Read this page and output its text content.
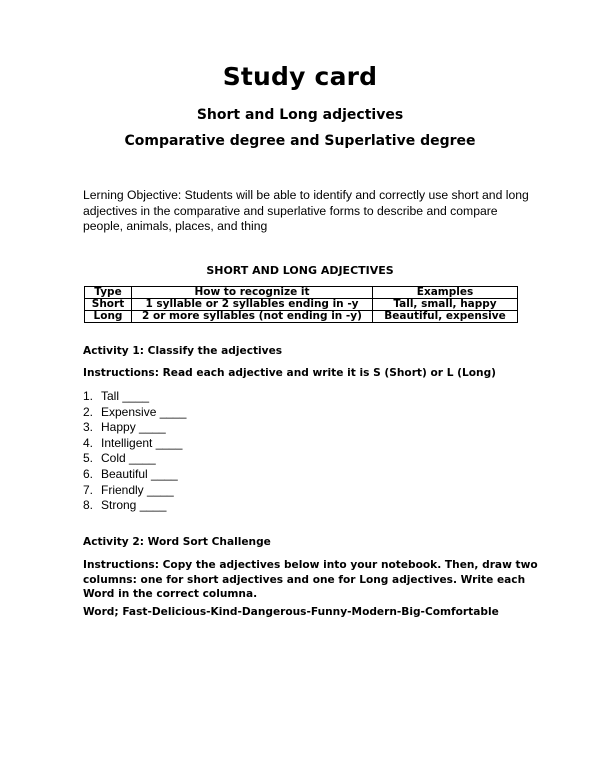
Study card
Short and Long adjectives
Comparative degree and Superlative degree
Lerning Objective: Students will be able to identify and correctly use short and long
adjectives in the comparative and superlative forms to describe and compare
people, animals, places, and thing
SHORT AND LONG ADJECTIVES
Type	How to recognize it	Examples
Short	1 syllable or 2 syllables ending in -y	Tall, small, happy
Long	2 or more syllables (not ending in -y)	Beautiful, expensive
Activity 1: Classify the adjectives
Instructions: Read each adjective and write it is S (Short) or L (Long)
1. Tall ____
2. Expensive ____
3. Happy ____
4. Intelligent ____
5. Cold ____
6. Beautiful ____
7. Friendly ____
8. Strong ____
Activity 2: Word Sort Challenge
Instructions: Copy the adjectives below into your notebook. Then, draw two
columns: one for short adjectives and one for Long adjectives. Write each
Word in the correct columna.
Word; Fast-Delicious-Kind-Dangerous-Funny-Modern-Big-Comfortable
